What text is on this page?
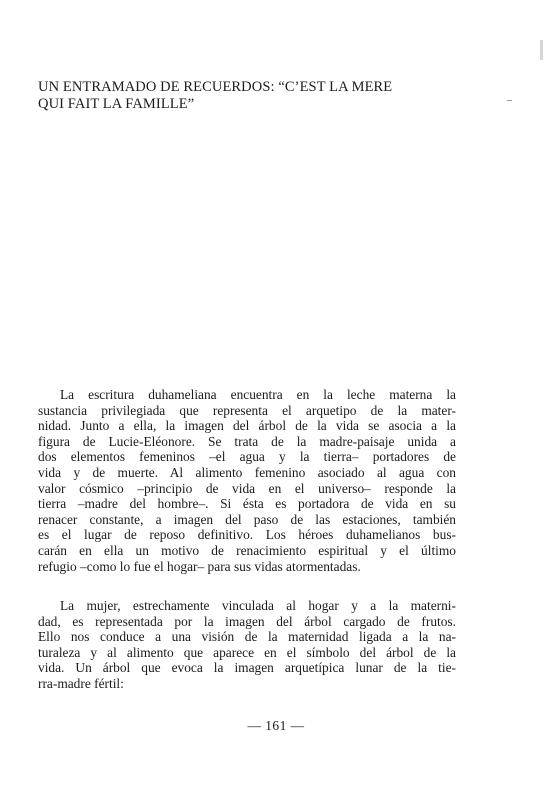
UN ENTRAMADO DE RECUERDOS: “C’EST LA MERE
QUI FAIT LA FAMILLE”
La escritura duhameliana encuentra en la leche materna la
sustancia privilegiada que representa el arquetipo de la mater-
nidad. Junto a ella, la imagen del árbol de la vida se asocia a la
figura de Lucie-Eléonore. Se trata de la madre-paisaje unida a
dos elementos femeninos –el agua y la tierra– portadores de
vida y de muerte. Al alimento femenino asociado al agua con
valor cósmico –principio de vida en el universo– responde la
tierra –madre del hombre–. Si ésta es portadora de vida en su
renacer constante, a imagen del paso de las estaciones, también
es el lugar de reposo definitivo. Los héroes duhamelianos bus-
carán en ella un motivo de renacimiento espiritual y el último
refugio –como lo fue el hogar– para sus vidas atormentadas.
La mujer, estrechamente vinculada al hogar y a la materni-
dad, es representada por la imagen del árbol cargado de frutos.
Ello nos conduce a una visión de la maternidad ligada a la na-
turaleza y al alimento que aparece en el símbolo del árbol de la
vida. Un árbol que evoca la imagen arquetípica lunar de la tie-
rra-madre fértil:
— 161 —
